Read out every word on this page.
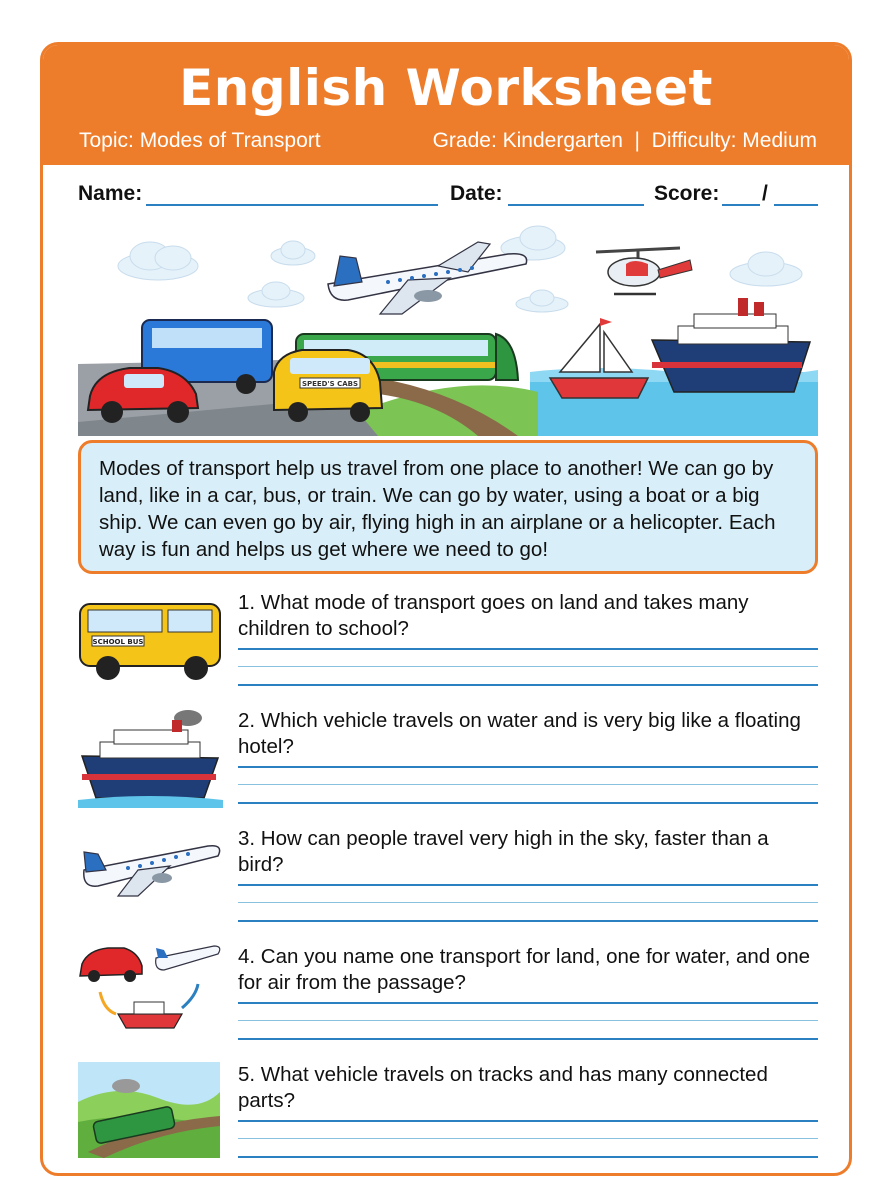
English Worksheet
Topic: Modes of Transport	Grade: Kindergarten  |  Difficulty: Medium
Name:	Date:	Score: /
SPEED'S CABS
Modes of transport help us travel from one place to another! We can go by land, like in a car, bus, or train. We can go by water, using a boat or a big ship. We can even go by air, flying high in an airplane or a helicopter. Each way is fun and helps us get where we need to go!
SCHOOL BUS
1. What mode of transport goes on land and takes many children to school?
2. Which vehicle travels on water and is very big like a floating hotel?
3. How can people travel very high in the sky, faster than a bird?
4. Can you name one transport for land, one for water, and one for air from the passage?
5. What vehicle travels on tracks and has many connected parts?
